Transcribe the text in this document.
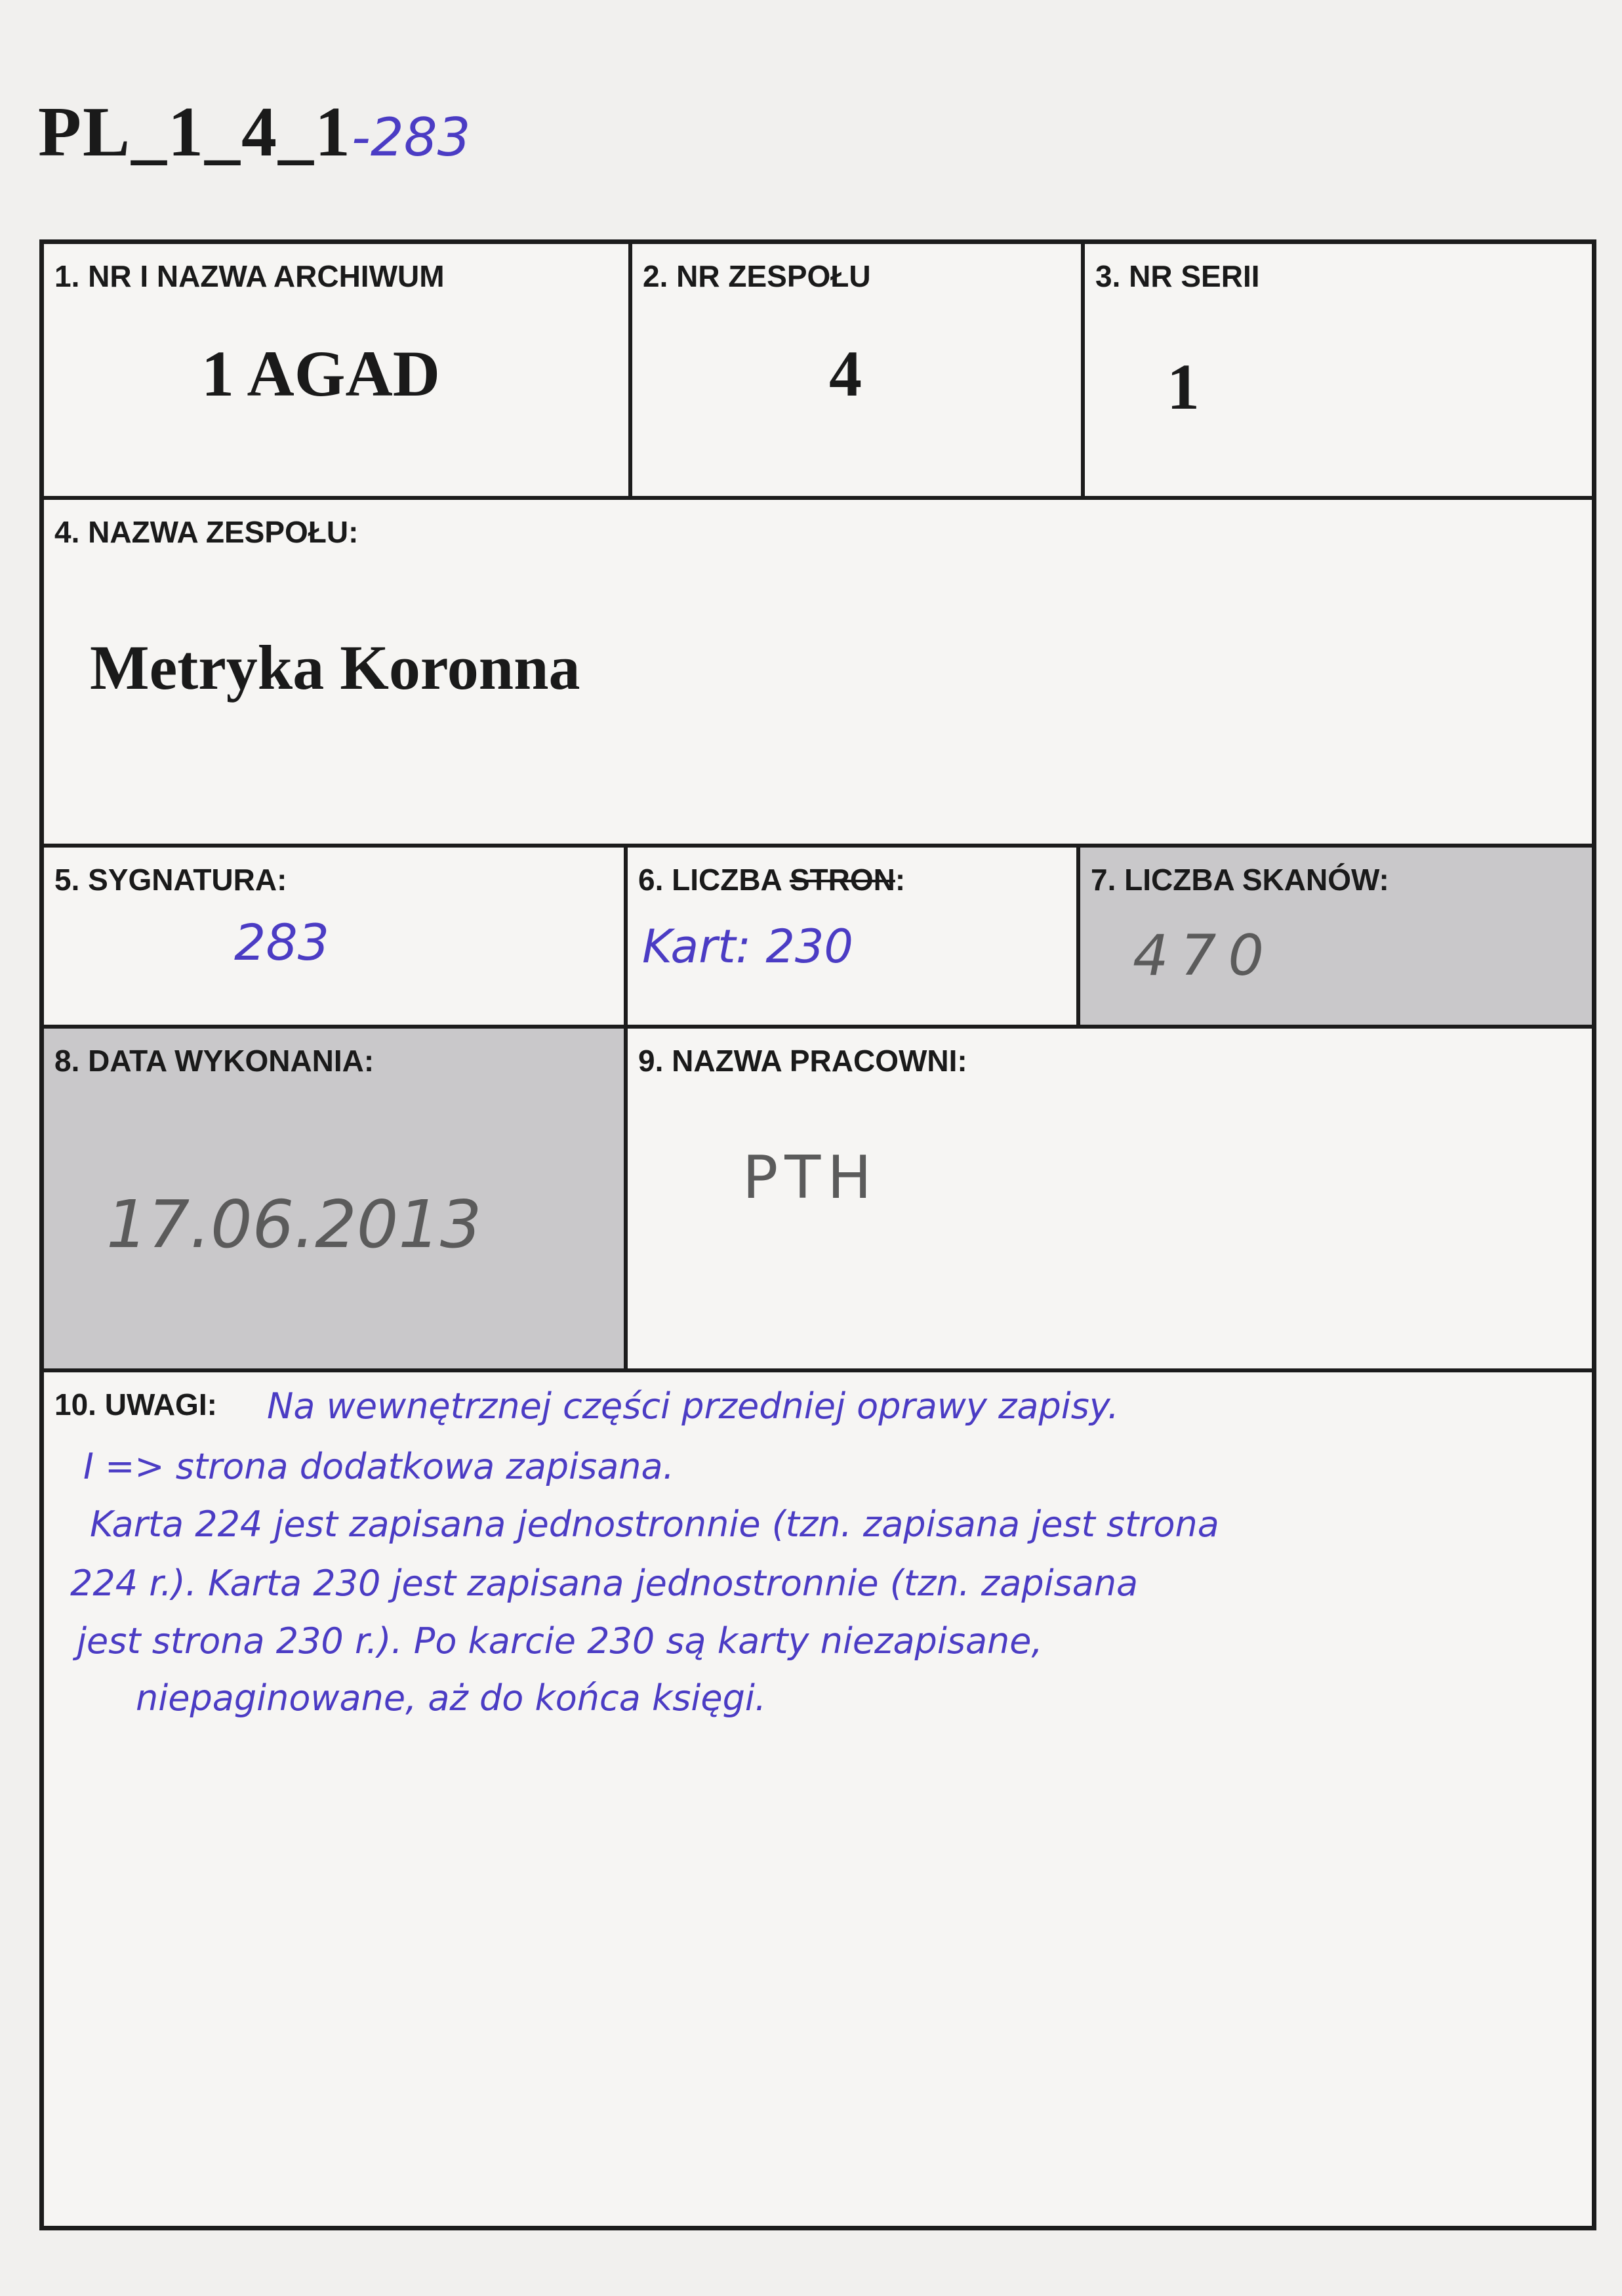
PL_1_4_1-283
1. NR I NAZWA ARCHIWUM
1 AGAD
2. NR ZESPOŁU
4
3. NR SERII
1
4. NAZWA ZESPOŁU:
Metryka Koronna
5. SYGNATURA:
283
6. LICZBA STRON:
Kart: 230
7. LICZBA SKANÓW:
470
8. DATA WYKONANIA:
17.06.2013
9. NAZWA PRACOWNI:
PTH
10. UWAGI: Na wewnętrznej części przedniej oprawy zapisy.
I => strona dodatkowa zapisana.
Karta 224 jest zapisana jednostronnie (tzn. zapisana jest strona
224 r.). Karta 230 jest zapisana jednostronnie (tzn. zapisana
jest strona 230 r.). Po karcie 230 są karty niezapisane,
niepaginowane, aż do końca księgi.
